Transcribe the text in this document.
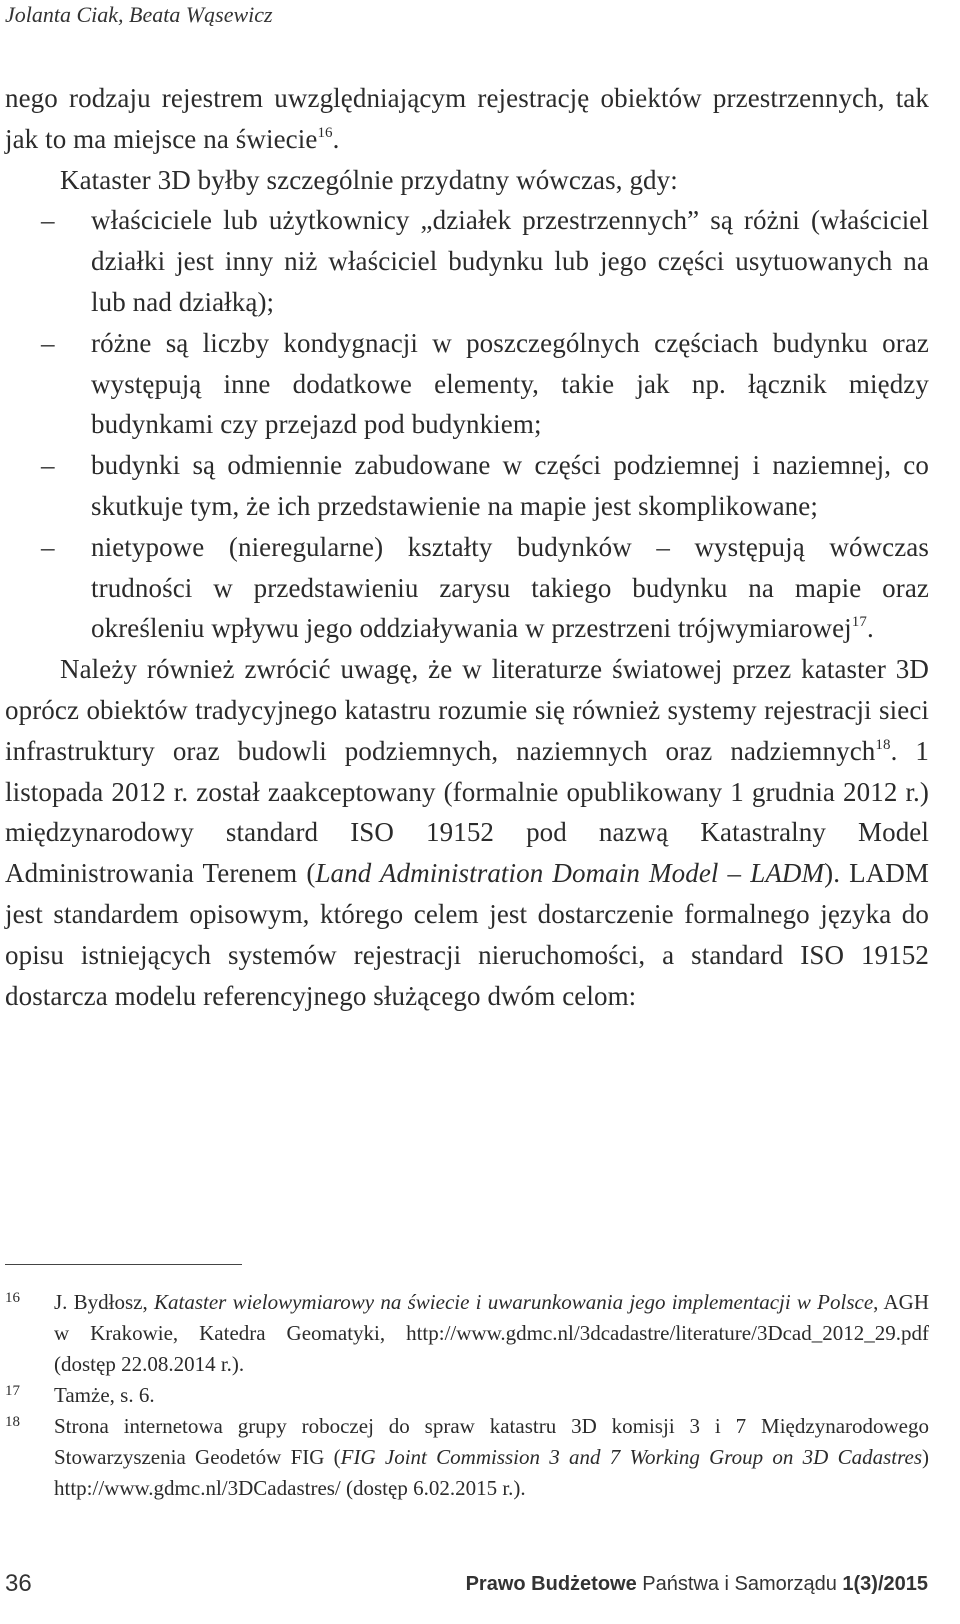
Jolanta Ciak, Beata Wąsewicz

nego rodzaju rejestrem uwzględniającym rejestrację obiektów przestrzennych, tak jak to ma miejsce na świecie$^{16}$.

Kataster 3D byłby szczególnie przydatny wówczas, gdy:

– właściciele lub użytkownicy „działek przestrzennych” są różni (właściciel działki jest inny niż właściciel budynku lub jego części usytuowanych na lub nad działką);
– różne są liczby kondygnacji w poszczególnych częściach budynku oraz występują inne dodatkowe elementy, takie jak np. łącznik między budynkami czy przejazd pod budynkiem;
– budynki są odmiennie zabudowane w części podziemnej i naziemnej, co skutkuje tym, że ich przedstawienie na mapie jest skomplikowane;
– nietypowe (nieregularne) kształty budynków – występują wówczas trudności w przedstawieniu zarysu takiego budynku na mapie oraz określeniu wpływu jego oddziaływania w przestrzeni trójwymiarowej$^{17}$.

Należy również zwrócić uwagę, że w literaturze światowej przez kataster 3D oprócz obiektów tradycyjnego katastru rozumie się również systemy rejestracji sieci infrastruktury oraz budowli podziemnych, naziemnych oraz nadziemnych$^{18}$. 1 listopada 2012 r. został zaakceptowany (formalnie opublikowany 1 grudnia 2012 r.) międzynarodowy standard ISO 19152 pod nazwą Katastralny Model Administrowania Terenem (Land Administration Domain Model – LADM). LADM jest standardem opisowym, którego celem jest dostarczenie formalnego języka do opisu istniejących systemów rejestracji nieruchomości, a standard ISO 19152 dostarcza modelu referencyjnego służącego dwóm celom:

16 J. Bydłosz, Kataster wielowymiarowy na świecie i uwarunkowania jego implementacji w Polsce, AGH w Krakowie, Katedra Geomatyki, http://www.gdmc.nl/3dcadastre/literature/3Dcad_2012_29.pdf (dostęp 22.08.2014 r.).
17 Tamże, s. 6.
18 Strona internetowa grupy roboczej do spraw katastru 3D komisji 3 i 7 Międzynarodowego Stowarzyszenia Geodetów FIG (FIG Joint Commission 3 and 7 Working Group on 3D Cadastres) http://www.gdmc.nl/3DCadastres/ (dostęp 6.02.2015 r.).
36	Prawo Budżetowe Państwa i Samorządu 1(3)/2015
